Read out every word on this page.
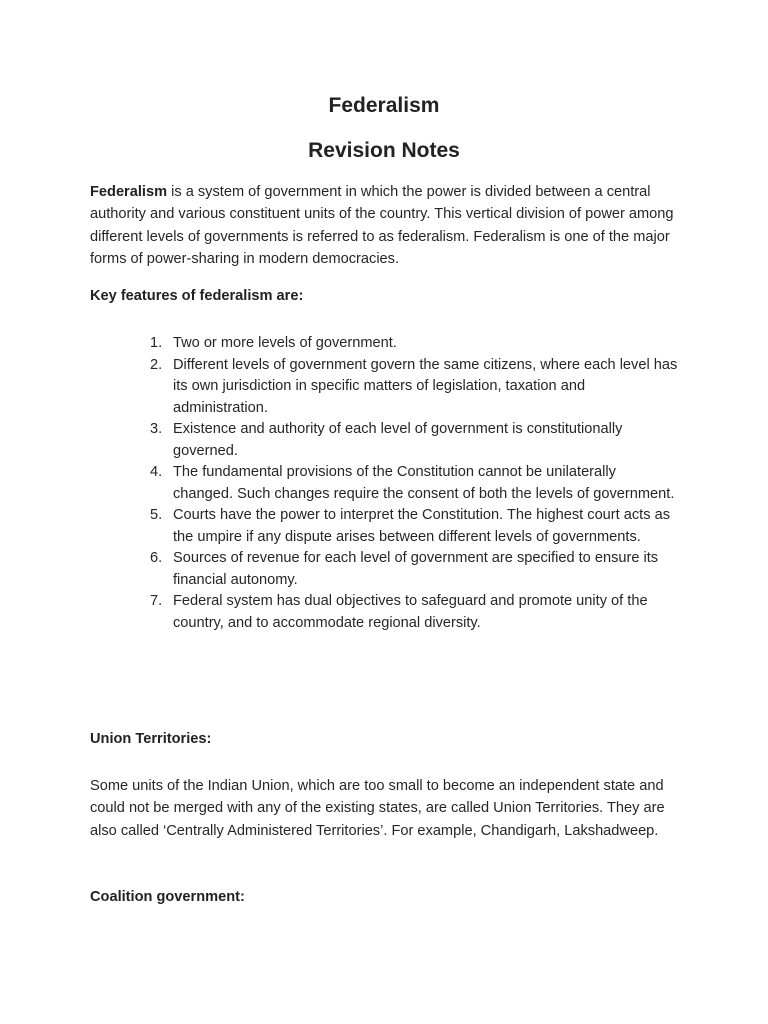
Federalism
Revision Notes

Federalism is a system of government in which the power is divided between a central authority and various constituent units of the country. This vertical division of power among different levels of governments is referred to as federalism. Federalism is one of the major forms of power-sharing in modern democracies.

Key features of federalism are:

1. Two or more levels of government.
2. Different levels of government govern the same citizens, where each level has its own jurisdiction in specific matters of legislation, taxation and administration.
3. Existence and authority of each level of government is constitutionally governed.
4. The fundamental provisions of the Constitution cannot be unilaterally changed. Such changes require the consent of both the levels of government.
5. Courts have the power to interpret the Constitution. The highest court acts as the umpire if any dispute arises between different levels of governments.
6. Sources of revenue for each level of government are specified to ensure its financial autonomy.
7. Federal system has dual objectives to safeguard and promote unity of the country, and to accommodate regional diversity.

Union Territories:

Some units of the Indian Union, which are too small to become an independent state and could not be merged with any of the existing states, are called Union Territories. They are also called ‘Centrally Administered Territories’. For example, Chandigarh, Lakshadweep.

Coalition government:
